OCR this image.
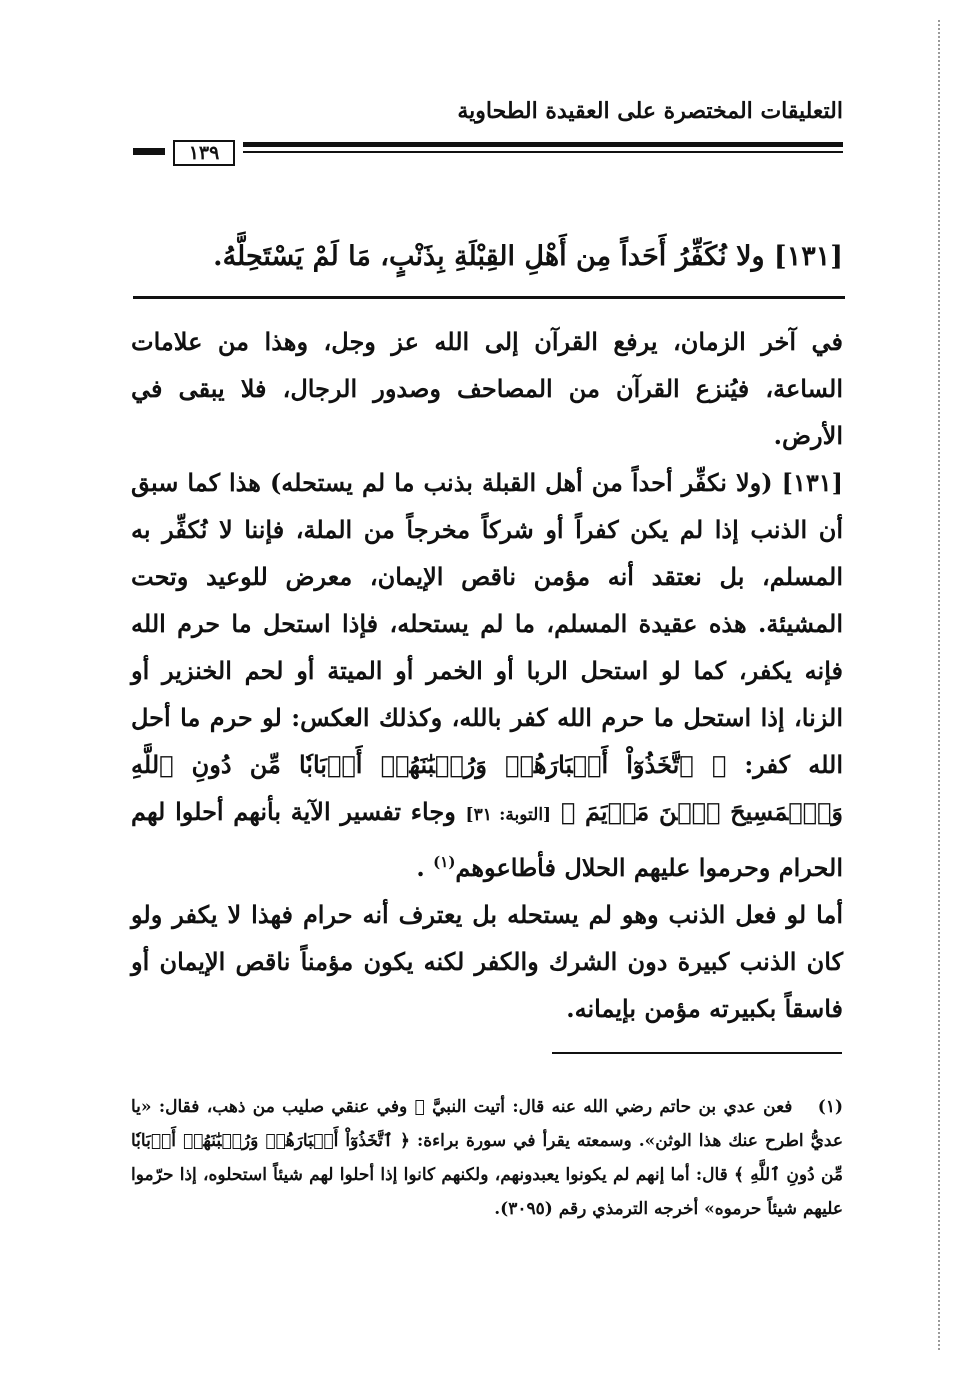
التعليقات المختصرة على العقيدة الطحاوية
١٣٩
[١٣١] ولا نُكَفِّرُ أَحَداً مِن أَهْلِ القِبْلَةِ بِذَنْبٍ، مَا لَمْ يَسْتَحِلَّهُ.

في آخر الزمان، يرفع القرآن إلى الله عز وجل، وهذا من علامات الساعة، فيُنزع القرآن من المصاحف وصدور الرجال، فلا يبقى في الأرض.

[١٣١] (ولا نكفِّر أحداً من أهل القبلة بذنب ما لم يستحله) هذا كما سبق أن الذنب إذا لم يكن كفراً أو شركاً مخرجاً من الملة، فإننا لا نُكفِّر به المسلم، بل نعتقد أنه مؤمن ناقص الإيمان، معرض للوعيد وتحت المشيئة. هذه عقيدة المسلم، ما لم يستحله، فإذا استحل ما حرم الله فإنه يكفر، كما لو استحل الربا أو الخمر أو الميتة أو لحم الخنزير أو الزنا، إذا استحل ما حرم الله كفر بالله، وكذلك العكس: لو حرم ما أحل الله كفر: ﴿ ٱتَّخَذُوٓاْ أَحۡبَارَهُمۡ وَرُهۡبَٰنَهُمۡ أَرۡبَابٗا مِّن دُونِ ٱللَّهِ وَٱلۡمَسِيحَ ٱبۡنَ مَرۡيَمَ ﴾ [التوبة: ٣١] وجاء تفسير الآية بأنهم أحلوا لهم الحرام وحرموا عليهم الحلال فأطاعوهم$^{(١)}$ .

أما لو فعل الذنب وهو لم يستحله بل يعترف أنه حرام فهذا لا يكفر ولو كان الذنب كبيرة دون الشرك والكفر لكنه يكون مؤمناً ناقص الإيمان أو فاسقاً بكبيرته مؤمن بإيمانه.

(١) فعن عدي بن حاتم رضي الله عنه قال: أتيت النبيَّ ﷺ وفي عنقي صليب من ذهب، فقال: «يا عديُّ اطرح عنك هذا الوثن». وسمعته يقرأ في سورة براءة: ﴿ ٱتَّخَذُوٓاْ أَحۡبَارَهُمۡ وَرُهۡبَٰنَهُمۡ أَرۡبَابٗا مِّن دُونِ ٱللَّهِ ﴾ قال: أما إنهم لم يكونوا يعبدونهم، ولكنهم كانوا إذا أحلوا لهم شيئاً استحلوه، إذا حرّموا عليهم شيئاً حرموه» أخرجه الترمذي رقم (٣٠٩٥).
